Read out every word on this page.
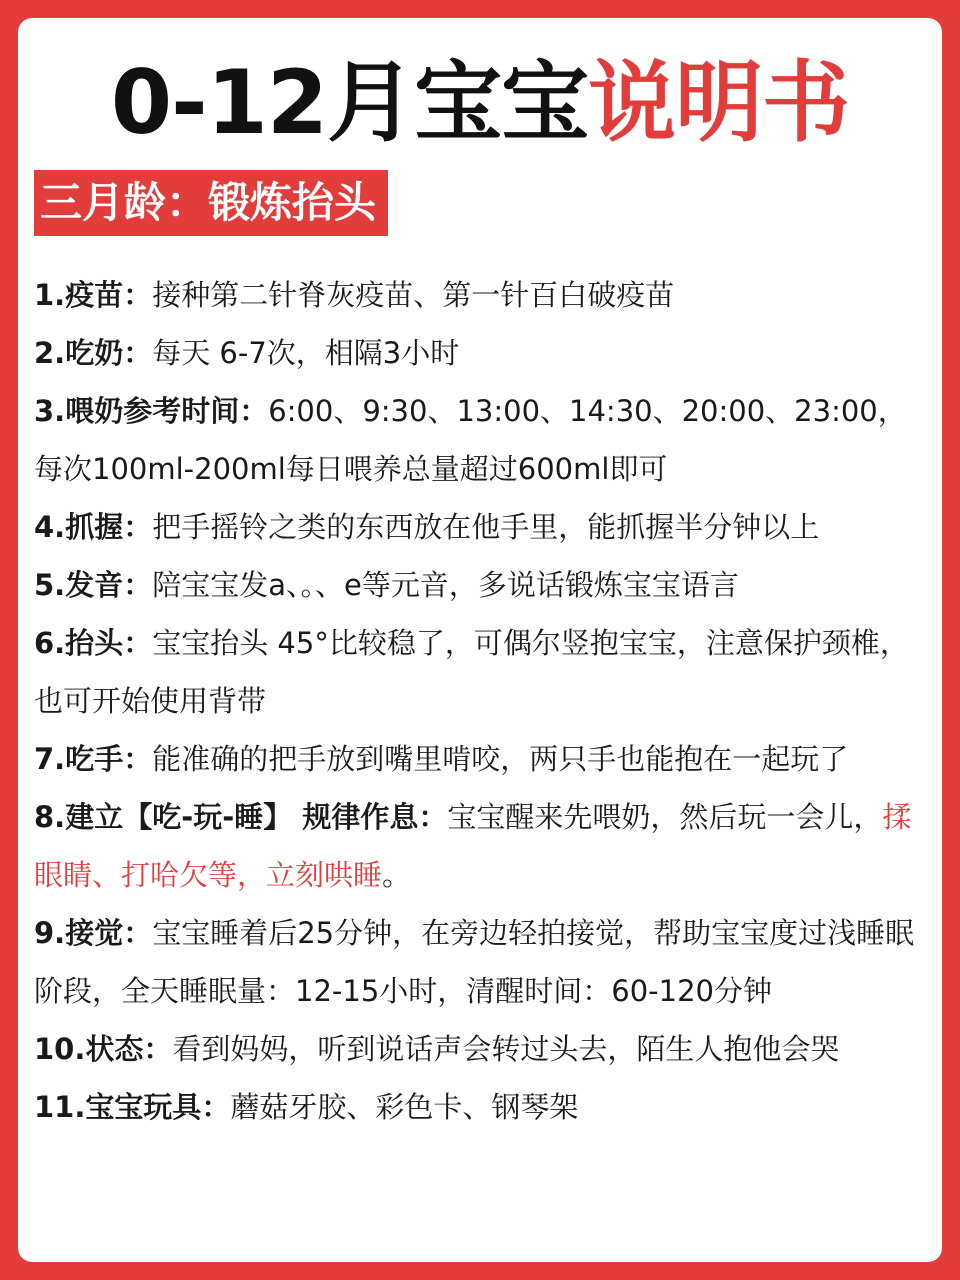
0-12月宝宝说明书
三月龄：锻炼抬头

1.疫苗：接种第二针脊灰疫苗、第一针百白破疫苗

2.吃奶：每天 6-7次，相隔3小时

3.喂奶参考时间：6:00、9:30、13:00、14:30、20:00、23:00，每次100ml-200ml每日喂养总量超过600ml即可

4.抓握：把手摇铃之类的东西放在他手里，能抓握半分钟以上

5.发音：陪宝宝发a、。、e等元音，多说话锻炼宝宝语言

6.抬头：宝宝抬头 45°比较稳了，可偶尔竖抱宝宝，注意保护颈椎，也可开始使用背带

7.吃手：能准确的把手放到嘴里啃咬，两只手也能抱在一起玩了

8.建立【吃-玩-睡】 规律作息：宝宝醒来先喂奶，然后玩一会儿，揉眼睛、打哈欠等，立刻哄睡。

9.接觉：宝宝睡着后25分钟，在旁边轻拍接觉，帮助宝宝度过浅睡眠阶段，全天睡眠量：12-15小时，清醒时间：60-120分钟

10.状态：看到妈妈，听到说话声会转过头去，陌生人抱他会哭

11.宝宝玩具：蘑菇牙胶、彩色卡、钢琴架
